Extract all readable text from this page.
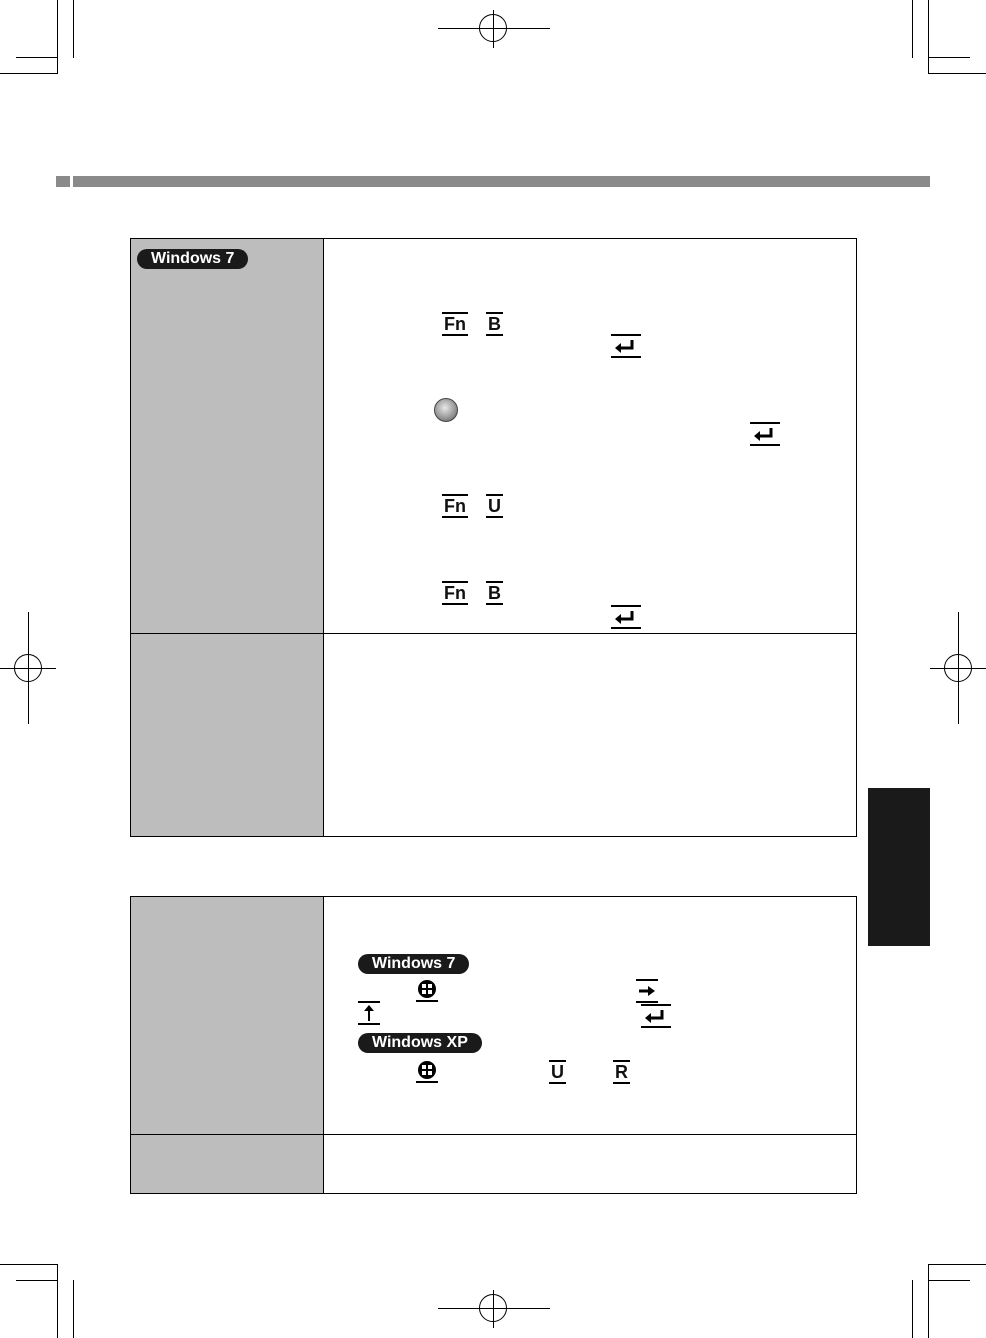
Windows 7
Fn B
Fn U
Fn B
Windows 7
Windows XP
U	R
